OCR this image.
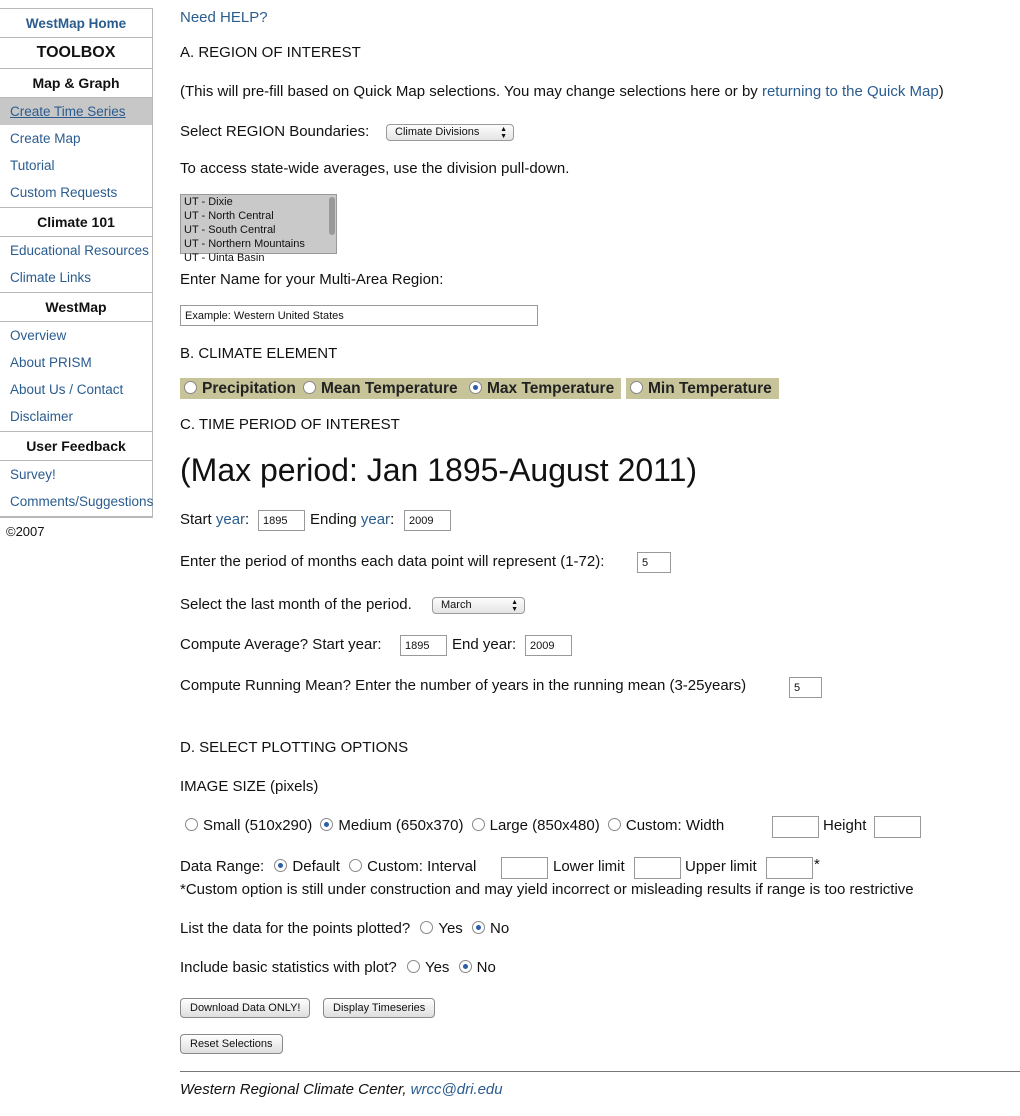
WestMap Home
TOOLBOX
Map & Graph
Create Time Series
Create Map
Tutorial
Custom Requests
Climate 101
Educational Resources
Climate Links
WestMap
Overview
About PRISM
About Us / Contact
Disclaimer
User Feedback
Survey!
Comments/Suggestions
©2007
Need HELP?
A. REGION OF INTEREST
(This will pre-fill based on Quick Map selections. You may change selections here or by returning to the Quick Map)
Select REGION Boundaries:	Climate Divisions	▲
▼
To access state-wide averages, use the division pull-down.
UT - Dixie
UT - North Central
UT - South Central
UT - Northern Mountains
UT - Uinta Basin
Enter Name for your Multi-Area Region:
Example: Western United States
B. CLIMATE ELEMENT
Precipitation	Mean Temperature	Max Temperature	Min Temperature
C. TIME PERIOD OF INTEREST
(Max period: Jan 1895-August 2011)
Start year:	1895	Ending year:	2009
Enter the period of months each data point will represent (1-72):	5
Select the last month of the period.	March	▲
▼
Compute Average? Start year:	1895	End year:	2009
Compute Running Mean? Enter the number of years in the running mean (3-25years)	5
D. SELECT PLOTTING OPTIONS
IMAGE SIZE (pixels)
Small (510x290) Medium (650x370) Large (850x480) Custom: Width	Height
Data Range: Default Custom: Interval	Lower limit	Upper limit	*
*Custom option is still under construction and may yield incorrect or misleading results if range is too restrictive
List the data for the points plotted? Yes No
Include basic statistics with plot? Yes No
Download Data ONLY!	Display Timeseries
Reset Selections
Western Regional Climate Center, wrcc@dri.edu
